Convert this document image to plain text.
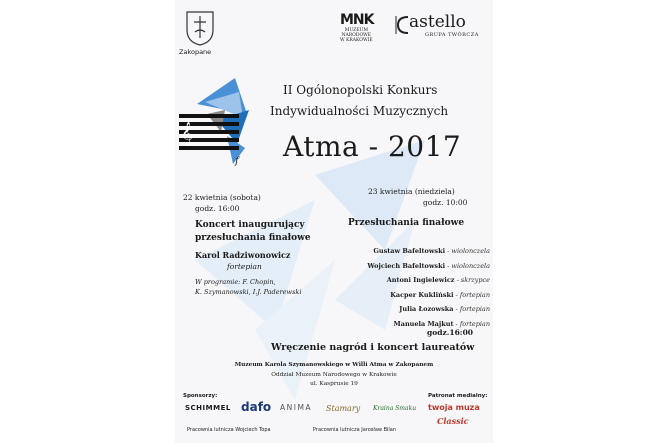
Zakopane
MNK
MUZEUM
NARODOWE
W KRAKOWIE
astello
GRUPA TWÓRCZA
𝄞
f
II Ogólonopolski Konkurs
Indywidualności Muzycznych
Atma - 2017
22 kwietnia (sobota)
godz. 16:00
Koncert inaugurujący
przesłuchania finałowe
Karol Radziwonowicz
fortepian
W programie: F. Chopin,
K. Szymanowski, I.J. Paderewski
23 kwietnia (niedziela)
godz. 10:00
Przesłuchania finałowe
Gustaw Bafeltowski - wiolonczela
Wojciech Bafeltowski - wiolonczela
Antoni Ingielewicz - skrzypce
Kacper Kukliński - fortepian
Julia Łozowska - fortepian
Manuela Majkut - fortepian
godz.16:00
Wręczenie nagród i koncert laureatów
Muzeum Karola Szymanowskiego w Willi Atma w Zakopanem
Oddział Muzeum Narodowego w Krakowie
ul. Kasprusie 19
Sponsorzy:
SCHIMMEL dafo ANIMA Stamary Kraina Smaku
Patronat medialny:
twoja muza
Classic
Pracownia lutnicza Wojciech Topa	Pracownia lutnicza Jarosław Bilan
